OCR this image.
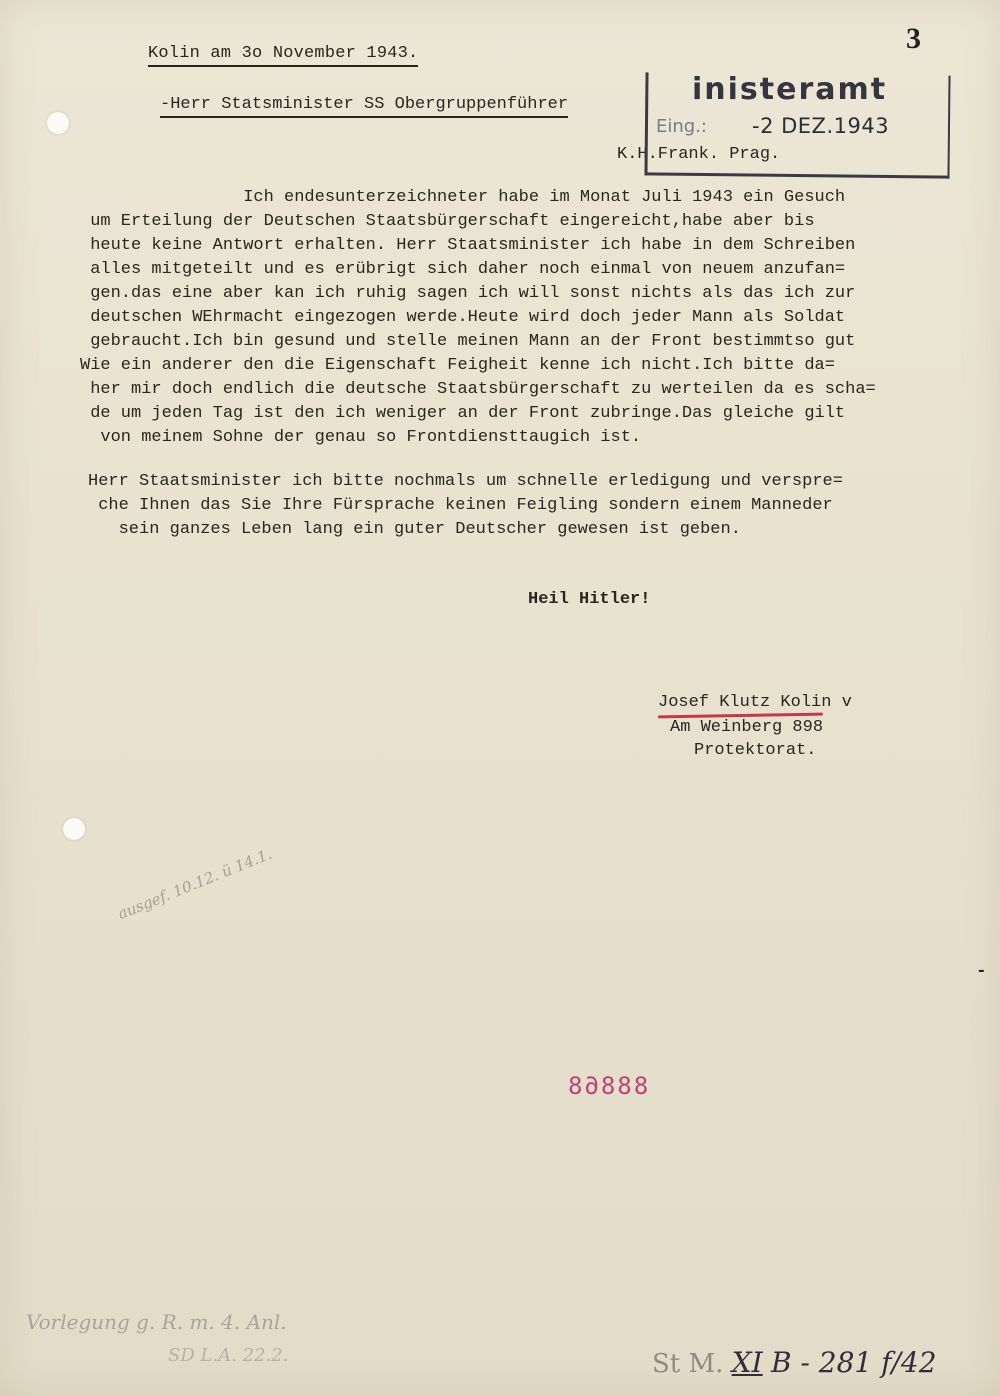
3
Kolin am 3o November 1943.
-Herr Statsminister SS Obergruppenführer
K.H.Frank. Prag.
inisteramt
Eing.: -2 DEZ.1943
Ich endesunterzeichneter habe im Monat Juli 1943 ein Gesuch
um Erteilung der Deutschen Staatsbürgerschaft eingereicht,habe aber bis
heute keine Antwort erhalten. Herr Staatsminister ich habe in dem Schreiben
alles mitgeteilt und es erübrigt sich daher noch einmal von neuem anzufan=
gen.das eine aber kan ich ruhig sagen ich will sonst nichts als das ich zur
deutschen WEhrmacht eingezogen werde.Heute wird doch jeder Mann als Soldat
gebraucht.Ich bin gesund und stelle meinen Mann an der Front bestimmtso gut
Wie ein anderer den die Eigenschaft Feigheit kenne ich nicht.Ich bitte da=
her mir doch endlich die deutsche Staatsbürgerschaft zu werteilen da es scha=
de um jeden Tag ist den ich weniger an der Front zubringe.Das gleiche gilt
von meinem Sohne der genau so Frontdiensttaugich ist.
Herr Staatsminister ich bitte nochmals um schnelle erledigung und verspre=
che Ihnen das Sie Ihre Fürsprache keinen Feigling sondern einem Manneder
sein ganzes Leben lang ein guter Deutscher gewesen ist geben.
Heil Hitler!
Josef Klutz Kolin v
Am Weinberg 898
Protektorat.
88868
ausgef. 10.12. ü 14.1.
Vorlegung g. R. m. 4. Anl.
SD L.A. 22.2.	St M. XI B - 281 f/42
-
